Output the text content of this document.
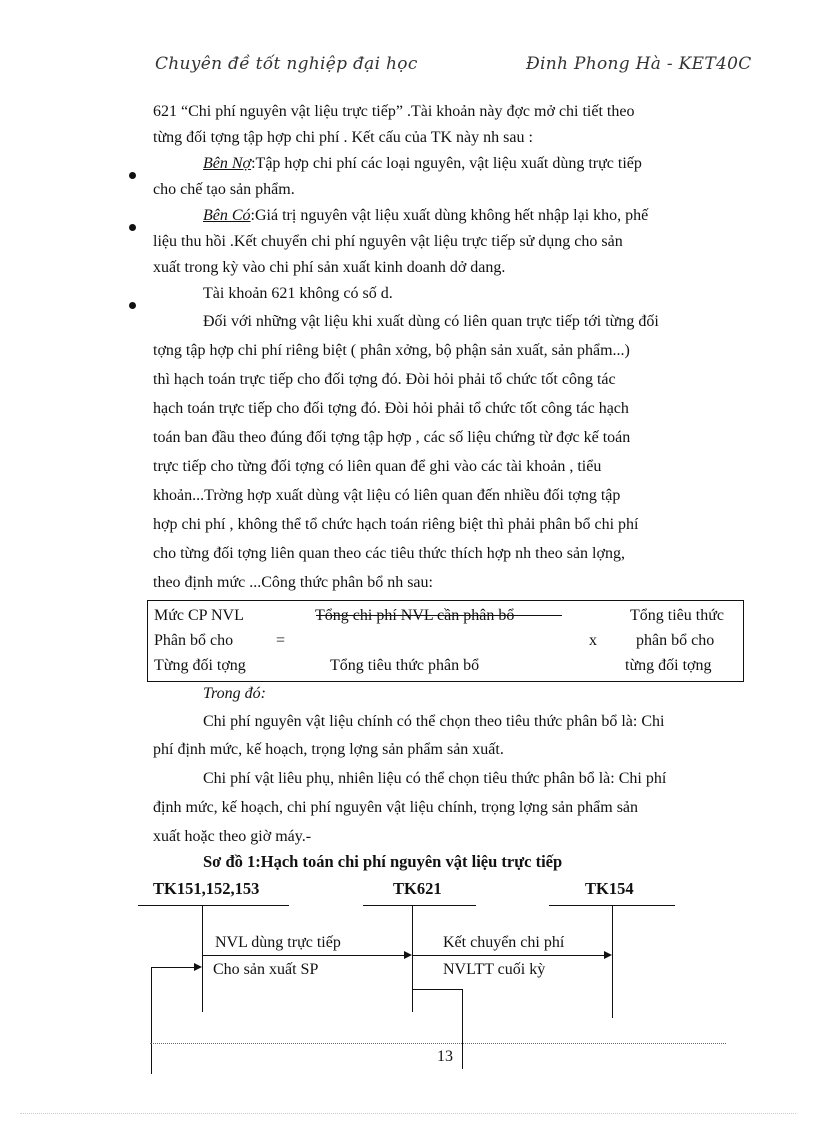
Chuyên đề tốt nghiệp đại học	Đinh Phong Hà - KET40C
621 “Chi phí nguyên vật liệu trực tiếp” .Tài khoản này đợc mở chi tiết theo
từng đối tợng tập hợp chi phí . Kết cấu của TK này nh sau :
Bên Nợ:Tập hợp chi phí các loại nguyên, vật liệu xuất dùng trực tiếp
cho chế tạo sản phẩm.
Bên Có:Giá trị nguyên vật liệu xuất dùng không hết nhập lại kho, phế
liệu thu hồi .Kết chuyển chi phí nguyên vật liệu trực tiếp sử dụng cho sản
xuất trong kỳ vào chi phí sản xuất kinh doanh dở dang.
Tài khoản 621 không có số d.
Đối với những vật liệu khi xuất dùng có liên quan trực tiếp tới từng đối
tợng tập hợp chi phí riêng biệt ( phân xởng, bộ phận sản xuất, sản phẩm...)
thì hạch toán trực tiếp cho đối tợng đó. Đòi hỏi phải tổ chức tốt công tác
hạch toán trực tiếp cho đối tợng đó. Đòi hỏi phải tổ chức tốt công tác hạch
toán ban đầu theo đúng đối tợng tập hợp , các số liệu chứng từ đợc kế toán
trực tiếp cho từng đối tợng có liên quan để ghi vào các tài khoản , tiểu
khoản...Trờng hợp xuất dùng vật liệu có liên quan đến nhiều đối tợng tập
hợp chi phí , không thể tổ chức hạch toán riêng biệt thì phải phân bổ chi phí
cho từng đối tợng liên quan theo các tiêu thức thích hợp nh theo sản lợng,
theo định mức ...Công thức phân bổ nh sau:
Mức CP NVL
Phân bổ cho
Từng đối tợng
=
Tổng chi phí NVL cần phân bổ
Tổng tiêu thức phân bổ
x
Tổng tiêu thức
phân bổ cho
từng đối tợng
Trong đó:
Chi phí nguyên vật liệu chính có thể chọn theo tiêu thức phân bổ là: Chi
phí định mức, kế hoạch, trọng lợng sản phẩm sản xuất.
Chi phí vật liêu phụ, nhiên liệu có thể chọn tiêu thức phân bổ là: Chi phí
định mức, kế hoạch, chi phí nguyên vật liệu chính, trọng lợng sản phẩm sản
xuất hoặc theo giờ máy.-
Sơ đồ 1:Hạch toán chi phí nguyên vật liệu trực tiếp
TK151,152,153	TK621	TK154
NVL dùng trực tiếp
Cho sản xuất SP
Kết chuyển chi phí
NVLTT cuối kỳ
13
